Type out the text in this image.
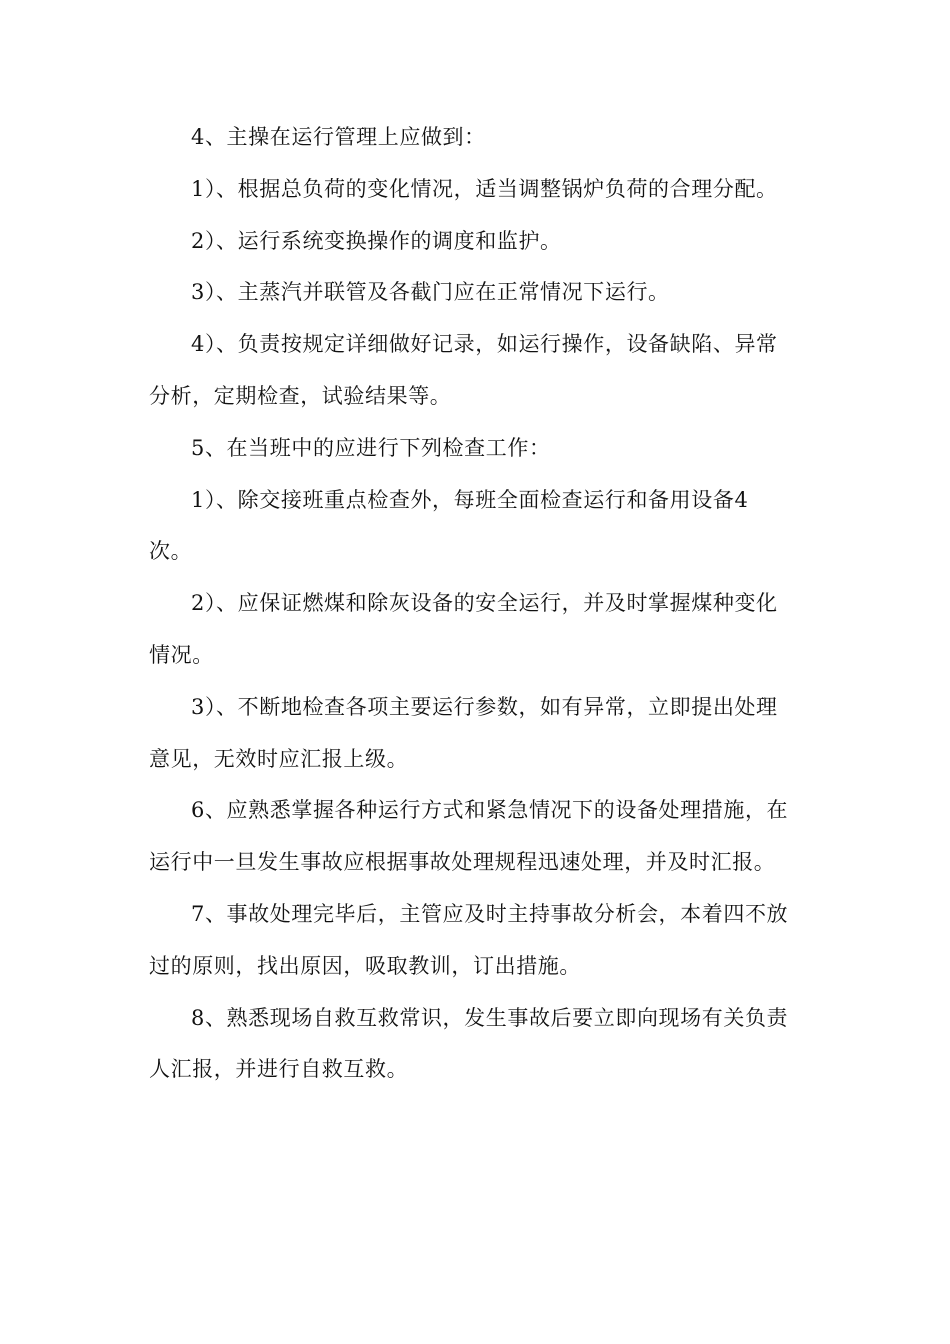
4、主操在运行管理上应做到：

1）、根据总负荷的变化情况，适当调整锅炉负荷的合理分配。

2）、运行系统变换操作的调度和监护。

3）、主蒸汽并联管及各截门应在正常情况下运行。

4）、负责按规定详细做好记录，如运行操作，设备缺陷、异常分析，定期检查，试验结果等。

5、在当班中的应进行下列检查工作：

1）、除交接班重点检查外，每班全面检查运行和备用设备4次。

2）、应保证燃煤和除灰设备的安全运行，并及时掌握煤种变化情况。

3）、不断地检查各项主要运行参数，如有异常，立即提出处理意见，无效时应汇报上级。

6、应熟悉掌握各种运行方式和紧急情况下的设备处理措施，在运行中一旦发生事故应根据事故处理规程迅速处理，并及时汇报。

7、事故处理完毕后，主管应及时主持事故分析会，本着四不放过的原则，找出原因，吸取教训，订出措施。

8、熟悉现场自救互救常识，发生事故后要立即向现场有关负责人汇报，并进行自救互救。
